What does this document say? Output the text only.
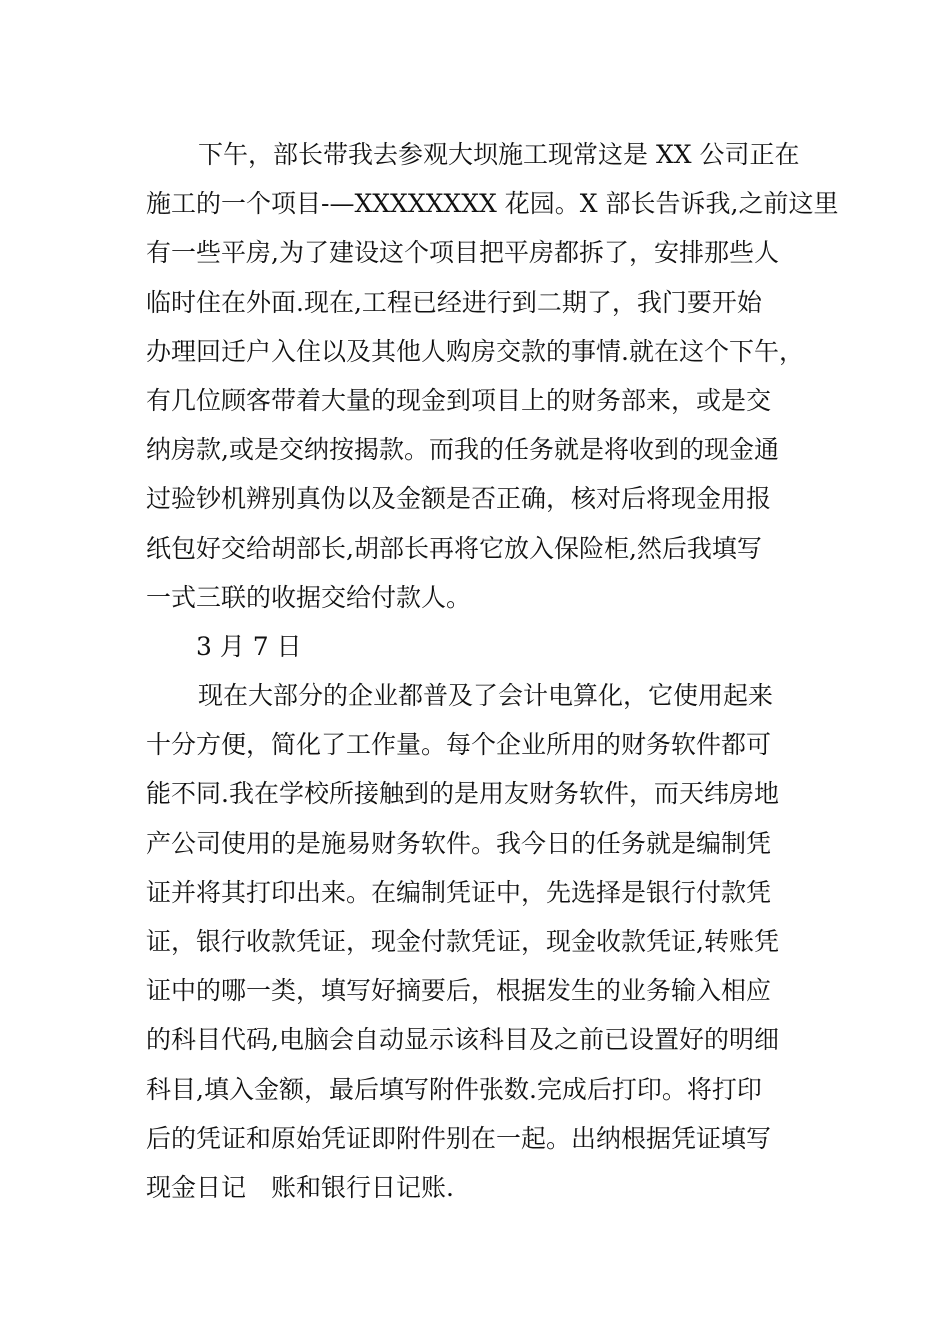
下午，部长带我去参观大坝施工现常这是 XX 公司正在
施工的一个项目-—XXXXXXXX 花园。X 部长告诉我,之前这里
有一些平房,为了建设这个项目把平房都拆了，安排那些人
临时住在外面.现在,工程已经进行到二期了，我门要开始
办理回迁户入住以及其他人购房交款的事情.就在这个下午，
有几位顾客带着大量的现金到项目上的财务部来，或是交
纳房款,或是交纳按揭款。而我的任务就是将收到的现金通
过验钞机辨别真伪以及金额是否正确，核对后将现金用报
纸包好交给胡部长,胡部长再将它放入保险柜,然后我填写
一式三联的收据交给付款人。
3 月 7 日
现在大部分的企业都普及了会计电算化，它使用起来
十分方便，简化了工作量。每个企业所用的财务软件都可
能不同.我在学校所接触到的是用友财务软件，而天纬房地
产公司使用的是施易财务软件。我今日的任务就是编制凭
证并将其打印出来。在编制凭证中，先选择是银行付款凭
证，银行收款凭证，现金付款凭证，现金收款凭证,转账凭
证中的哪一类，填写好摘要后，根据发生的业务输入相应
的科目代码,电脑会自动显示该科目及之前已设置好的明细
科目,填入金额，最后填写附件张数.完成后打印。将打印
后的凭证和原始凭证即附件别在一起。出纳根据凭证填写
现金日记　账和银行日记账.
